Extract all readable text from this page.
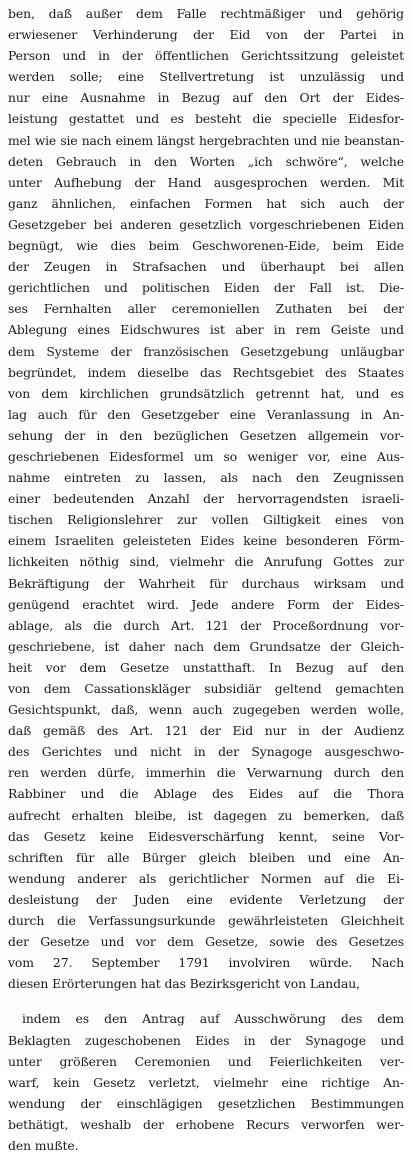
ben, daß außer dem Falle rechtmäßiger und gehörig
erwiesener Verhinderung der Eid von der Partei in
Person und in der öffentlichen Gerichtssitzung geleistet
werden solle; eine Stellvertretung ist unzulässig und
nur eine Ausnahme in Bezug auf den Ort der Eides-
leistung gestattet und es besteht die specielle Eidesfor-
mel wie sie nach einem längst hergebrachten und nie beanstan-
deten Gebrauch in den Worten „ich schwöre“, welche
unter Aufhebung der Hand ausgesprochen werden. Mit
ganz ähnlichen, einfachen Formen hat sich auch der
Gesetzgeber bei anderen gesetzlich vorgeschriebenen Eiden
begnügt, wie dies beim Geschworenen-Eide, beim Eide
der Zeugen in Strafsachen und überhaupt bei allen
gerichtlichen und politischen Eiden der Fall ist. Die-
ses Fernhalten aller ceremoniellen Zuthaten bei der
Ablegung eines Eidschwures ist aber in rem Geiste und
dem Systeme der französischen Gesetzgebung unläugbar
begründet, indem dieselbe das Rechtsgebiet des Staates
von dem kirchlichen grundsätzlich getrennt hat, und es
lag auch für den Gesetzgeber eine Veranlassung in An-
sehung der in den bezüglichen Gesetzen allgemein vor-
geschriebenen Eidesformel um so weniger vor, eine Aus-
nahme eintreten zu lassen, als nach den Zeugnissen
einer bedeutenden Anzahl der hervorragendsten israeli-
tischen Religionslehrer zur vollen Giltigkeit eines von
einem Israeliten geleisteten Eides keine besonderen Förm-
lichkeiten nöthig sind, vielmehr die Anrufung Gottes zur
Bekräftigung der Wahrheit für durchaus wirksam und
genügend erachtet wird. Jede andere Form der Eides-
ablage, als die durch Art. 121 der Proceßordnung vor-
geschriebene, ist daher nach dem Grundsatze der Gleich-
heit vor dem Gesetze unstatthaft. In Bezug auf den
von dem Cassationskläger subsidiär geltend gemachten
Gesichtspunkt, daß, wenn auch zugegeben werden wolle,
daß gemäß des Art. 121 der Eid nur in der Audienz
des Gerichtes und nicht in der Synagoge ausgeschwo-
ren werden dürfe, immerhin die Verwarnung durch den
Rabbiner und die Ablage des Eides auf die Thora
aufrecht erhalten bleibe, ist dagegen zu bemerken, daß
das Gesetz keine Eidesverschärfung kennt, seine Vor-
schriften für alle Bürger gleich bleiben und eine An-
wendung anderer als gerichtlicher Normen auf die Ei-
desleistung der Juden eine evidente Verletzung der
durch die Verfassungsurkunde gewährleisteten Gleichheit
der Gesetze und vor dem Gesetze, sowie des Gesetzes
vom 27. September 1791 involviren würde. Nach
diesen Erörterungen hat das Bezirksgericht von Landau,
indem es den Antrag auf Ausschwörung des dem
Beklagten zugeschobenen Eides in der Synagoge und
unter größeren Ceremonien und Feierlichkeiten ver-
warf, kein Gesetz verletzt, vielmehr eine richtige An-
wendung der einschlägigen gesetzlichen Bestimmungen
bethätigt, weshalb der erhobene Recurs verworfen wer-
den mußte.
